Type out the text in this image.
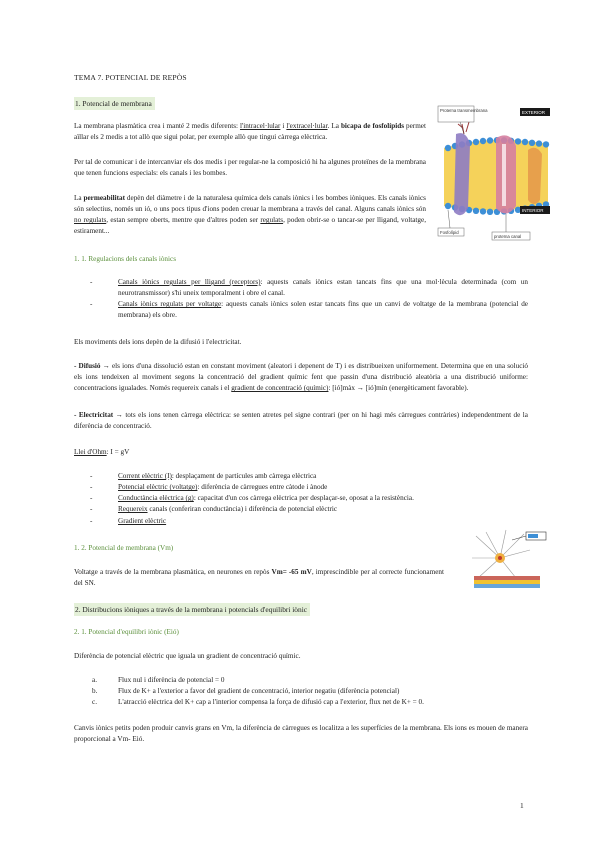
TEMA 7. POTENCIAL DE REPÒS
1. Potencial de membrana
La membrana plasmàtica crea i manté 2 medis diferents: l'intracel·lular i l'extracel·lular. La bicapa de fosfolípids permet aïllar els 2 medis a tot allò que sigui polar, per exemple allò que tingui càrrega elèctrica.
Per tal de comunicar i de intercanviar els dos medis i per regular-ne la composició hi ha algunes proteïnes de la membrana que tenen funcions especials: els canals i les bombes.
La permeabilitat depèn del diàmetre i de la naturalesa química dels canals iònics i les bombes iòniques. Els canals iònics són selectius, només un ió, o uns pocs tipus d'ions poden creuar la membrana a través del canal. Alguns canals iònics són no regulats, estan sempre oberts, mentre que d'altres poden ser regulats, poden obrir-se o tancar-se per lligand, voltatge, estirament...
Proteïna transmembrana	EXTERIOR
INTERIOR
Fosfolípid
proteïna canal
1. 1. Regulacions dels canals iònics
- Canals iònics regulats per lligand (receptors): aquests canals iònics estan tancats fins que una mol·lècula determinada (com un neurotransmissor) s'hi uneix temporalment i obre el canal.
- Canals iònics regulats per voltatge: aquests canals iònics solen estar tancats fins que un canvi de voltatge de la membrana (potencial de membrana) els obre.
Els moviments dels ions depèn de la difusió i l'electricitat.
- Difusió → els ions d'una dissolució estan en constant moviment (aleatori i depenent de T) i es distribueixen uniformement. Determina que en una solució els ions tendeixen al moviment segons la concentració del gradient químic fent que passin d'una distribució aleatòria a una distribució uniforme: concentracions igualades. Només requereix canals i el gradient de concentració (químic): [ió]màx → [ió]mín (energèticament favorable).
- Electricitat → tots els ions tenen càrrega elèctrica: se senten atretes pel signe contrari (per on hi hagi més càrregues contràries) independentment de la diferència de concentració.
Llei d'Ohm: I = gV
- Corrent elèctric (I): desplaçament de partícules amb càrrega elèctrica
- Potencial elèctric (voltatge): diferència de càrregues entre càtode i ànode
- Conductància elèctrica (g): capacitat d'un cos càrrega elèctrica per desplaçar-se, oposat a la resistència.
- Requereix canals (conferiran conductància) i diferència de potencial elèctric
- Gradient elèctric
1. 2. Potencial de membrana (Vm)
Voltatge a través de la membrana plasmàtica, en neurones en repòs Vm= -65 mV, imprescindible per al correcte funcionament del SN.
2. Distribucions iòniques a través de la membrana i potencials d'equilibri iònic
2. 1. Potencial d'equilibri iònic (Eió)
Diferència de potencial elèctric que iguala un gradient de concentració químic.
a.	Flux nul i diferència de potencial = 0
b.	Flux de K+ a l'exterior a favor del gradient de concentració, interior negatiu (diferència potencial)
c.	L'atracció elèctrica del K+ cap a l'interior compensa la força de difusió cap a l'exterior, flux net de K+ = 0.
Canvis iònics petits poden produir canvis grans en Vm, la diferència de càrregues es localitza a les superfícies de la membrana. Els ions es mouen de manera proporcional a Vm- Eió.
1
